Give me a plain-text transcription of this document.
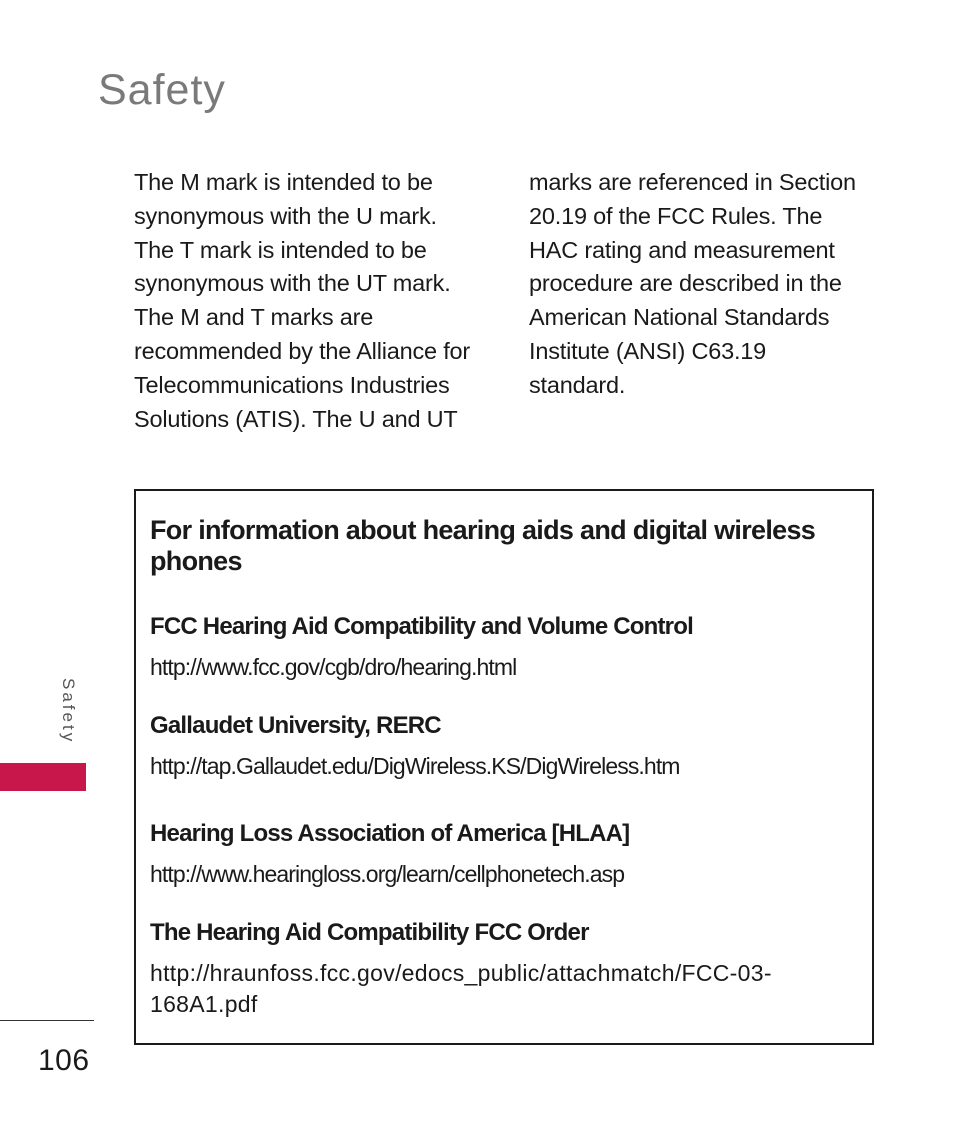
Safety
The M mark is intended to be
synonymous with the U mark.
The T mark is intended to be
synonymous with the UT mark.
The M and T marks are
recommended by the Alliance for
Telecommunications Industries
Solutions (ATIS). The U and UT
marks are referenced in Section
20.19 of the FCC Rules. The
HAC rating and measurement
procedure are described in the
American National Standards
Institute (ANSI) C63.19
standard.
For information about hearing aids and digital wireless phones
FCC Hearing Aid Compatibility and Volume Control
http://www.fcc.gov/cgb/dro/hearing.html
Gallaudet University, RERC
http://tap.Gallaudet.edu/DigWireless.KS/DigWireless.htm
Hearing Loss Association of America [HLAA]
http://www.hearingloss.org/learn/cellphonetech.asp
The Hearing Aid Compatibility FCC Order
http://hraunfoss.fcc.gov/edocs_public/attachmatch/FCC-03-168A1.pdf
Safety
106
